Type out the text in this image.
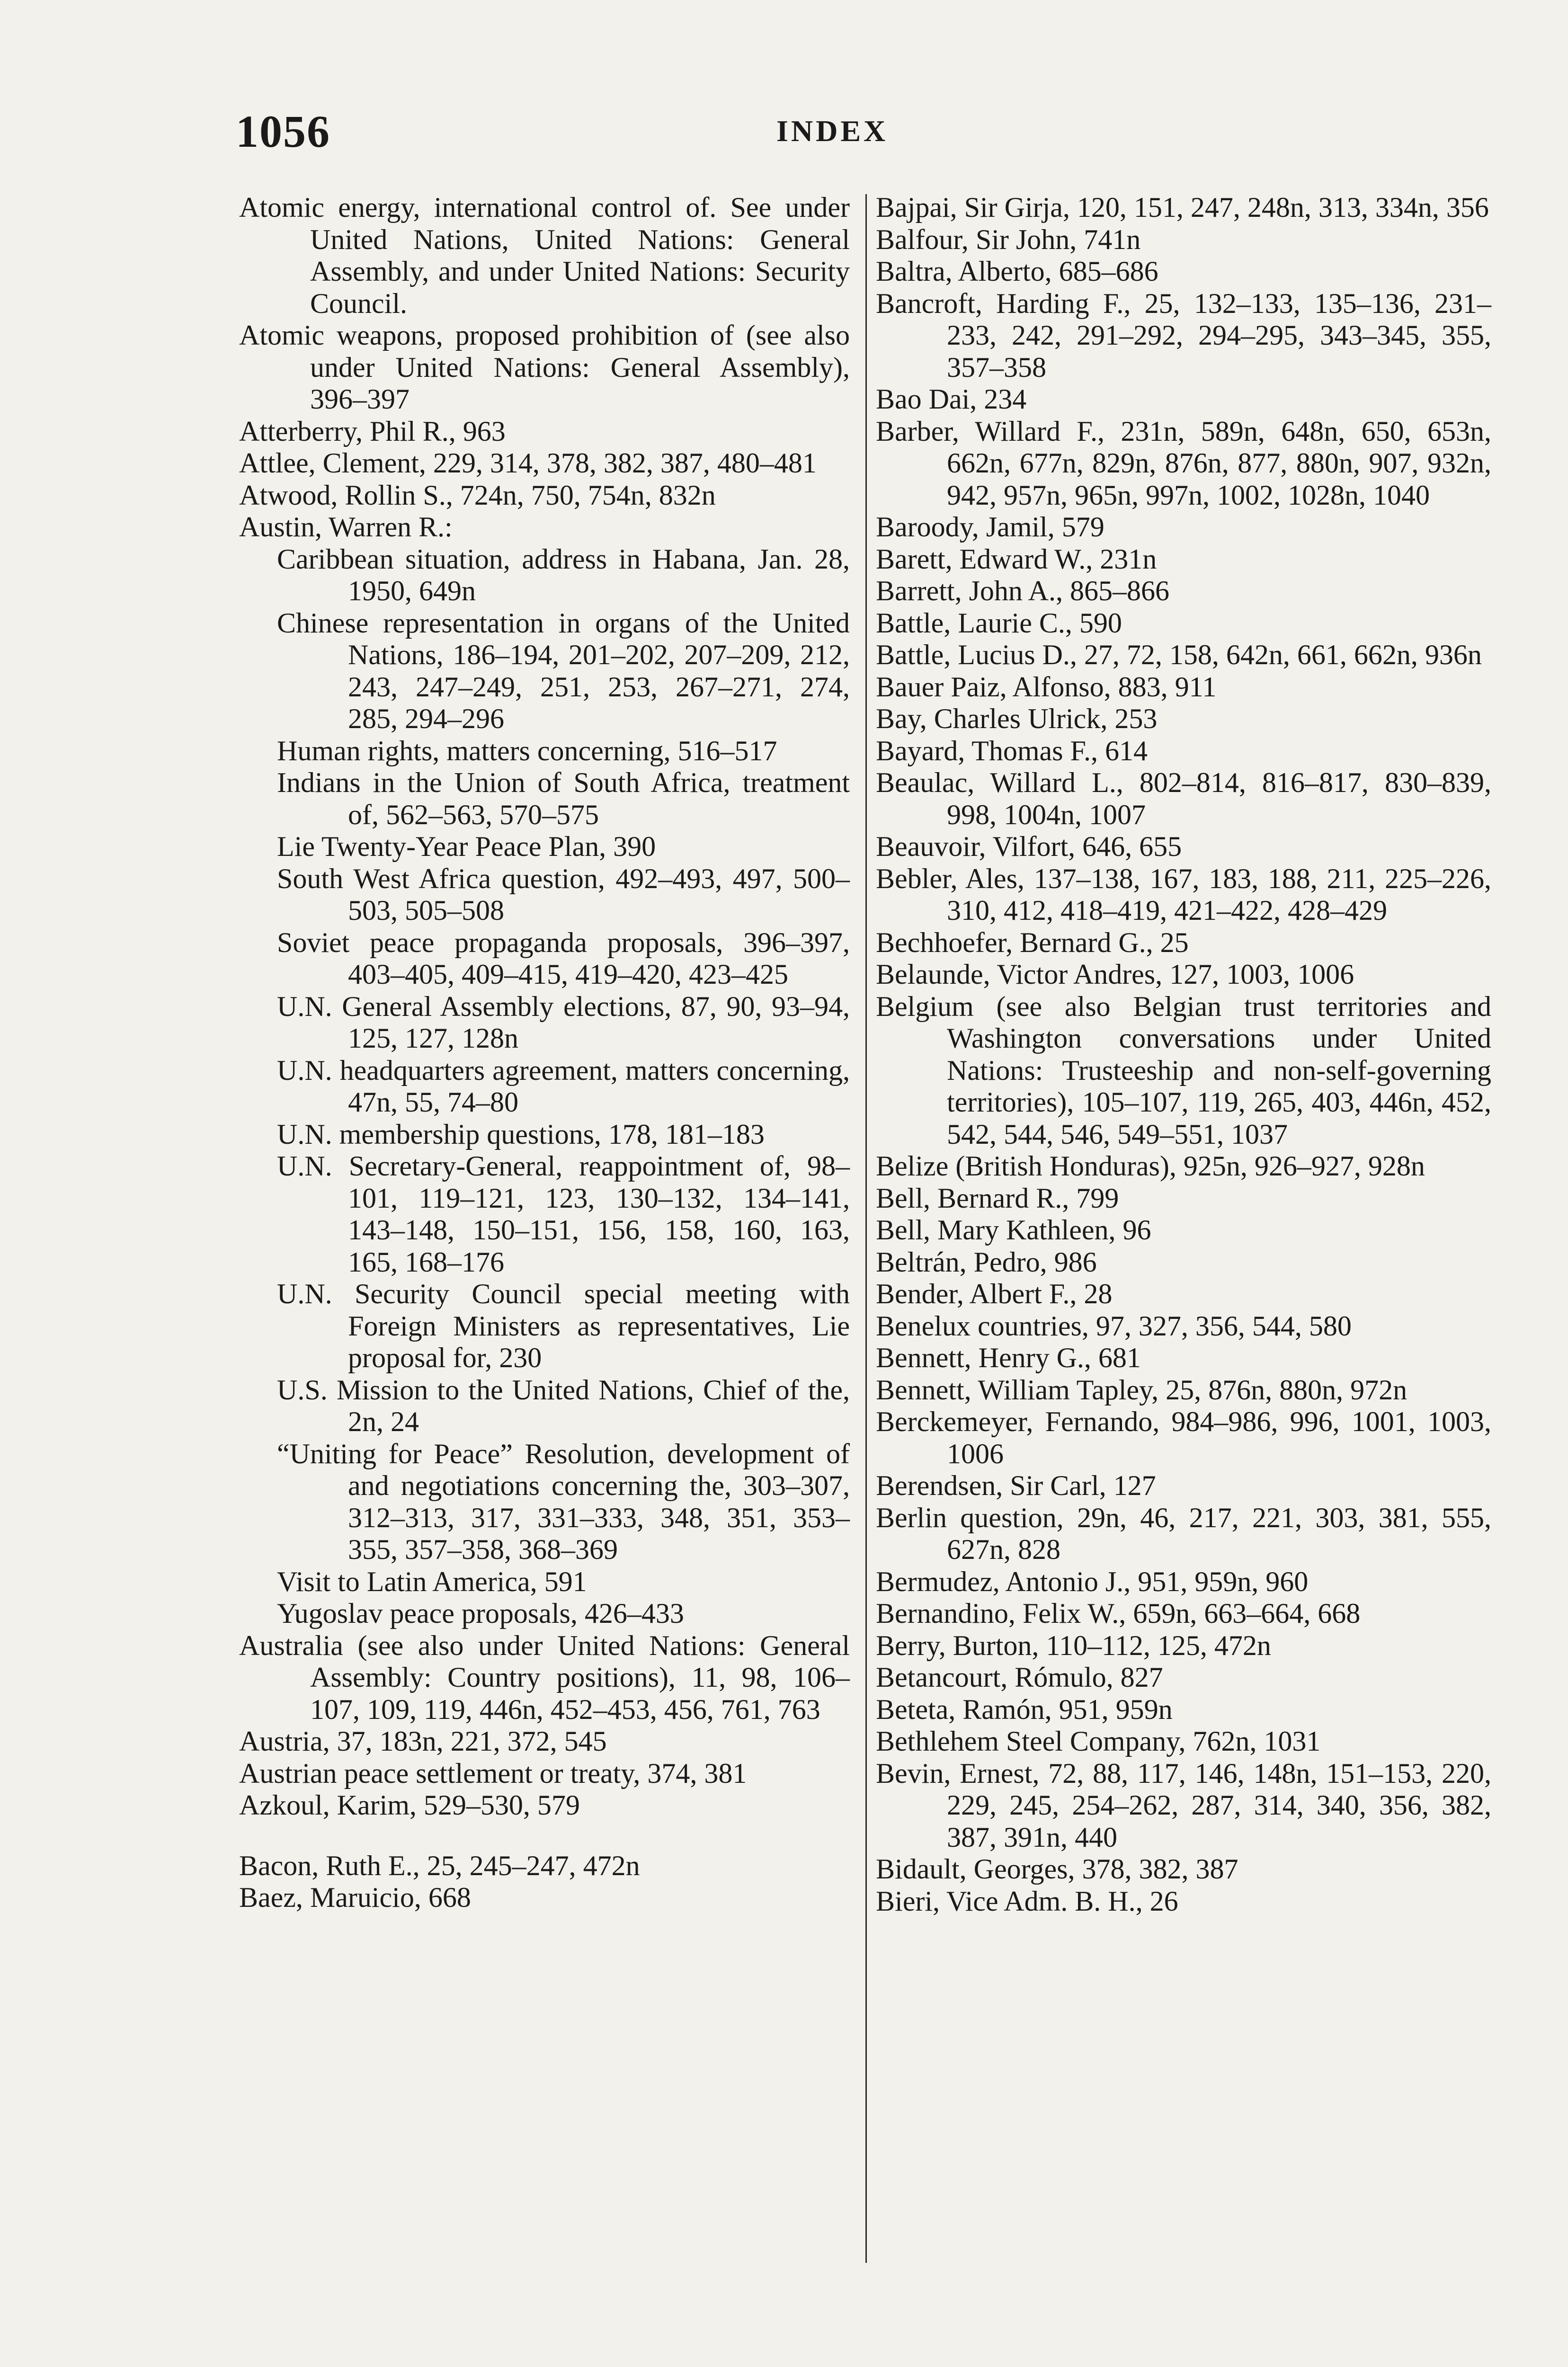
1056	INDEX
Atomic energy, international control of. See under United Nations, United Nations: General Assembly, and under United Nations: Security Council.
Atomic weapons, proposed prohibition of (see also under United Nations: General Assembly), 396–397
Atterberry, Phil R., 963
Attlee, Clement, 229, 314, 378, 382, 387, 480–481
Atwood, Rollin S., 724n, 750, 754n, 832n
Austin, Warren R.:
Caribbean situation, address in Habana, Jan. 28, 1950, 649n
Chinese representation in organs of the United Nations, 186–194, 201–202, 207–209, 212, 243, 247–249, 251, 253, 267–271, 274, 285, 294–296
Human rights, matters concerning, 516–517
Indians in the Union of South Africa, treatment of, 562–563, 570–575
Lie Twenty-Year Peace Plan, 390
South West Africa question, 492–493, 497, 500–503, 505–508
Soviet peace propaganda proposals, 396–397, 403–405, 409–415, 419–420, 423–425
U.N. General Assembly elections, 87, 90, 93–94, 125, 127, 128n
U.N. headquarters agreement, matters concerning, 47n, 55, 74–80
U.N. membership questions, 178, 181–183
U.N. Secretary-General, reappointment of, 98–101, 119–121, 123, 130–132, 134–141, 143–148, 150–151, 156, 158, 160, 163, 165, 168–176
U.N. Security Council special meeting with Foreign Ministers as representatives, Lie proposal for, 230
U.S. Mission to the United Nations, Chief of the, 2n, 24
“Uniting for Peace” Resolution, development of and negotiations concerning the, 303–307, 312–313, 317, 331–333, 348, 351, 353–355, 357–358, 368–369
Visit to Latin America, 591
Yugoslav peace proposals, 426–433
Australia (see also under United Nations: General Assembly: Country positions), 11, 98, 106–107, 109, 119, 446n, 452–453, 456, 761, 763
Austria, 37, 183n, 221, 372, 545
Austrian peace settlement or treaty, 374, 381
Azkoul, Karim, 529–530, 579
Bacon, Ruth E., 25, 245–247, 472n
Baez, Maruicio, 668
Bajpai, Sir Girja, 120, 151, 247, 248n, 313, 334n, 356
Balfour, Sir John, 741n
Baltra, Alberto, 685–686
Bancroft, Harding F., 25, 132–133, 135–136, 231–233, 242, 291–292, 294–295, 343–345, 355, 357–358
Bao Dai, 234
Barber, Willard F., 231n, 589n, 648n, 650, 653n, 662n, 677n, 829n, 876n, 877, 880n, 907, 932n, 942, 957n, 965n, 997n, 1002, 1028n, 1040
Baroody, Jamil, 579
Barett, Edward W., 231n
Barrett, John A., 865–866
Battle, Laurie C., 590
Battle, Lucius D., 27, 72, 158, 642n, 661, 662n, 936n
Bauer Paiz, Alfonso, 883, 911
Bay, Charles Ulrick, 253
Bayard, Thomas F., 614
Beaulac, Willard L., 802–814, 816–817, 830–839, 998, 1004n, 1007
Beauvoir, Vilfort, 646, 655
Bebler, Ales, 137–138, 167, 183, 188, 211, 225–226, 310, 412, 418–419, 421–422, 428–429
Bechhoefer, Bernard G., 25
Belaunde, Victor Andres, 127, 1003, 1006
Belgium (see also Belgian trust territories and Washington conversations under United Nations: Trusteeship and non-self-governing territories), 105–107, 119, 265, 403, 446n, 452, 542, 544, 546, 549–551, 1037
Belize (British Honduras), 925n, 926–927, 928n
Bell, Bernard R., 799
Bell, Mary Kathleen, 96
Beltrán, Pedro, 986
Bender, Albert F., 28
Benelux countries, 97, 327, 356, 544, 580
Bennett, Henry G., 681
Bennett, William Tapley, 25, 876n, 880n, 972n
Berckemeyer, Fernando, 984–986, 996, 1001, 1003, 1006
Berendsen, Sir Carl, 127
Berlin question, 29n, 46, 217, 221, 303, 381, 555, 627n, 828
Bermudez, Antonio J., 951, 959n, 960
Bernandino, Felix W., 659n, 663–664, 668
Berry, Burton, 110–112, 125, 472n
Betancourt, Rómulo, 827
Beteta, Ramón, 951, 959n
Bethlehem Steel Company, 762n, 1031
Bevin, Ernest, 72, 88, 117, 146, 148n, 151–153, 220, 229, 245, 254–262, 287, 314, 340, 356, 382, 387, 391n, 440
Bidault, Georges, 378, 382, 387
Bieri, Vice Adm. B. H., 26
